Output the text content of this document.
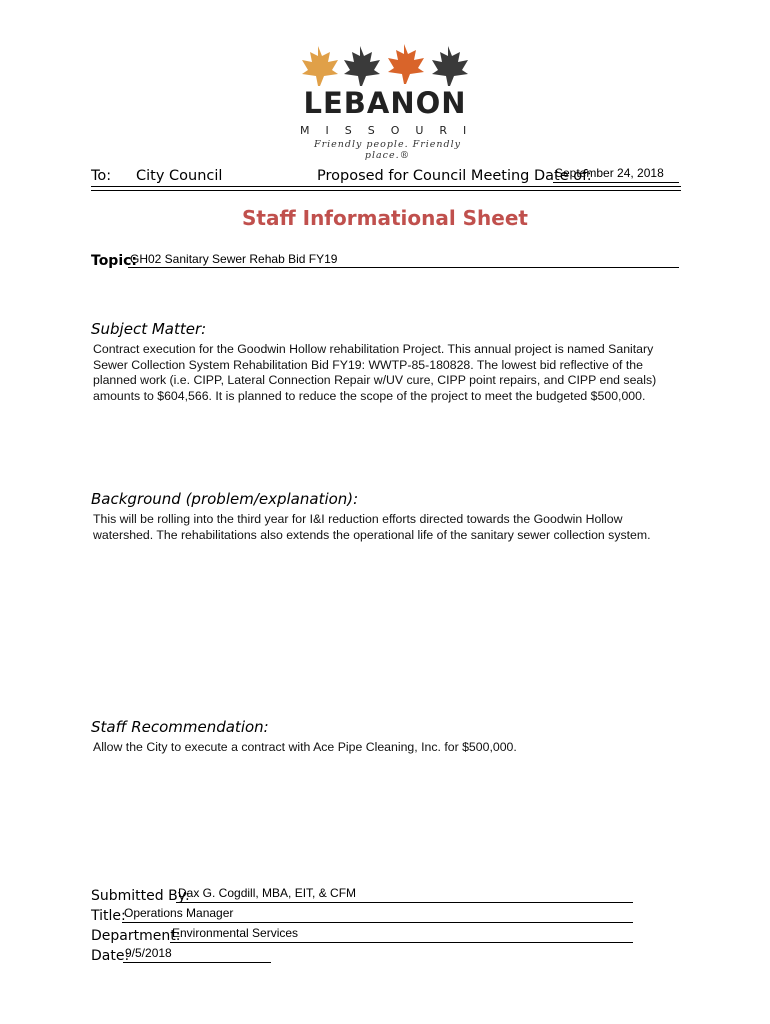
LEBANON
MISSOURI
Friendly people. Friendly place.®
To: City Council	Proposed for Council Meeting Date of:
September 24, 2018
Staff Informational Sheet
Topic:
GH02 Sanitary Sewer Rehab Bid FY19
Subject Matter:
Contract execution for the Goodwin Hollow rehabilitation Project. This annual project is named Sanitary
Sewer Collection System Rehabilitation Bid FY19: WWTP-85-180828. The lowest bid reflective of the
planned work (i.e. CIPP, Lateral Connection Repair w/UV cure, CIPP point repairs, and CIPP end seals)
amounts to $604,566. It is planned to reduce the scope of the project to meet the budgeted $500,000.
Background (problem/explanation):
This will be rolling into the third year for I&I reduction efforts directed towards the Goodwin Hollow
watershed. The rehabilitations also extends the operational life of the sanitary sewer collection system.
Staff Recommendation:
Allow the City to execute a contract with Ace Pipe Cleaning, Inc. for $500,000.
Submitted By:
Dax G. Cogdill, MBA, EIT, & CFM
Title:
Operations Manager
Department:
Environmental Services
Date:
9/5/2018
